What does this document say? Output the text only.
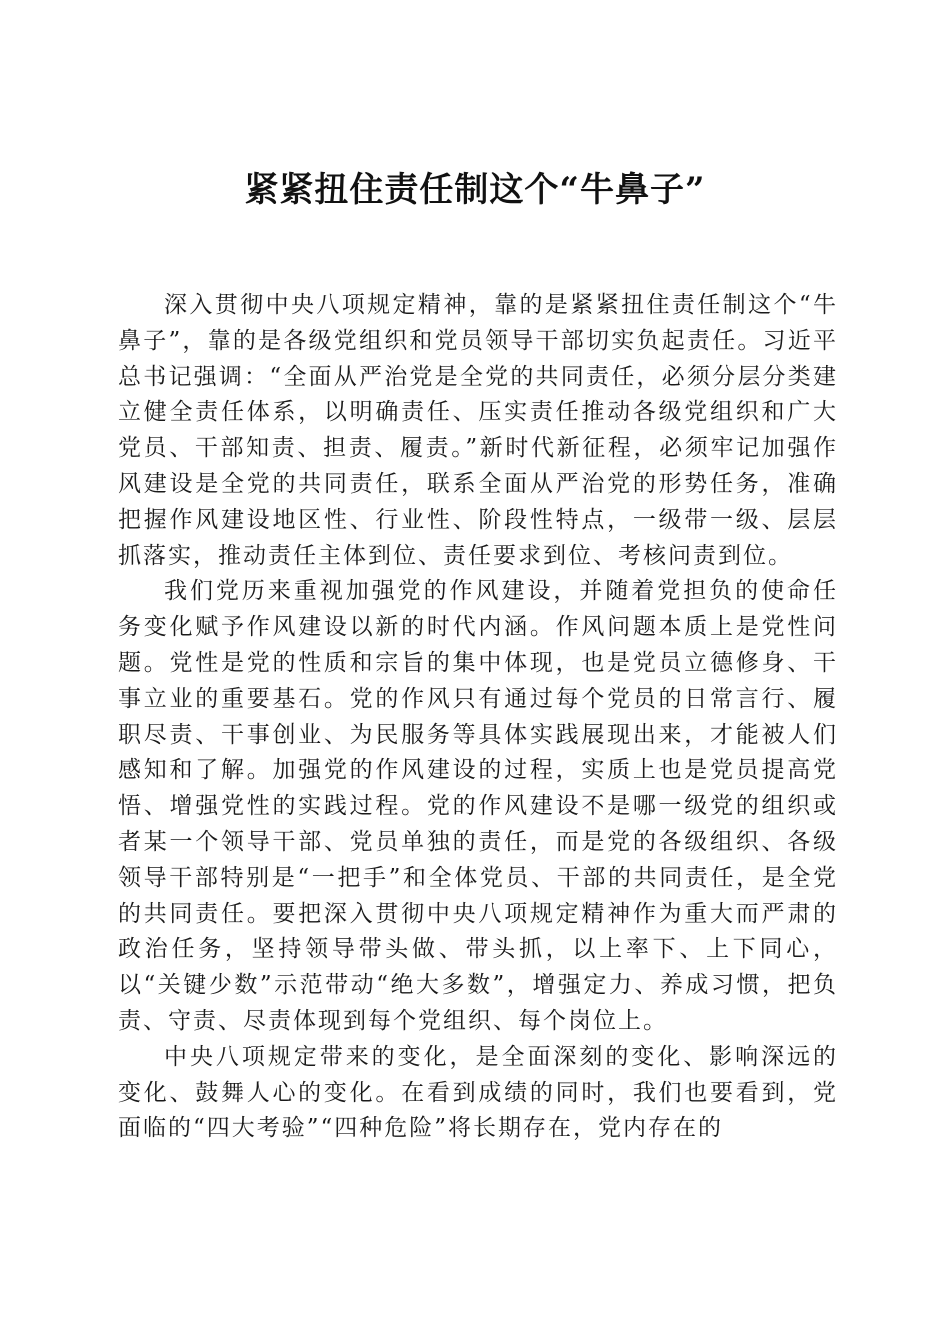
紧紧扭住责任制这个“牛鼻子”

深入贯彻中央八项规定精神，靠的是紧紧扭住责任制这个“牛鼻子”，靠的是各级党组织和党员领导干部切实负起责任。习近平总书记强调：“全面从严治党是全党的共同责任，必须分层分类建立健全责任体系，以明确责任、压实责任推动各级党组织和广大党员、干部知责、担责、履责。”新时代新征程，必须牢记加强作风建设是全党的共同责任，联系全面从严治党的形势任务，准确把握作风建设地区性、行业性、阶段性特点，一级带一级、层层抓落实，推动责任主体到位、责任要求到位、考核问责到位。

我们党历来重视加强党的作风建设，并随着党担负的使命任务变化赋予作风建设以新的时代内涵。作风问题本质上是党性问题。党性是党的性质和宗旨的集中体现，也是党员立德修身、干事立业的重要基石。党的作风只有通过每个党员的日常言行、履职尽责、干事创业、为民服务等具体实践展现出来，才能被人们感知和了解。加强党的作风建设的过程，实质上也是党员提高党悟、增强党性的实践过程。党的作风建设不是哪一级党的组织或者某一个领导干部、党员单独的责任，而是党的各级组织、各级领导干部特别是“一把手”和全体党员、干部的共同责任，是全党的共同责任。要把深入贯彻中央八项规定精神作为重大而严肃的政治任务，坚持领导带头做、带头抓，以上率下、上下同心，以“关键少数”示范带动“绝大多数”，增强定力、养成习惯，把负责、守责、尽责体现到每个党组织、每个岗位上。

中央八项规定带来的变化，是全面深刻的变化、影响深远的变化、鼓舞人心的变化。在看到成绩的同时，我们也要看到，党面临的“四大考验”“四种危险”将长期存在，党内存在的
